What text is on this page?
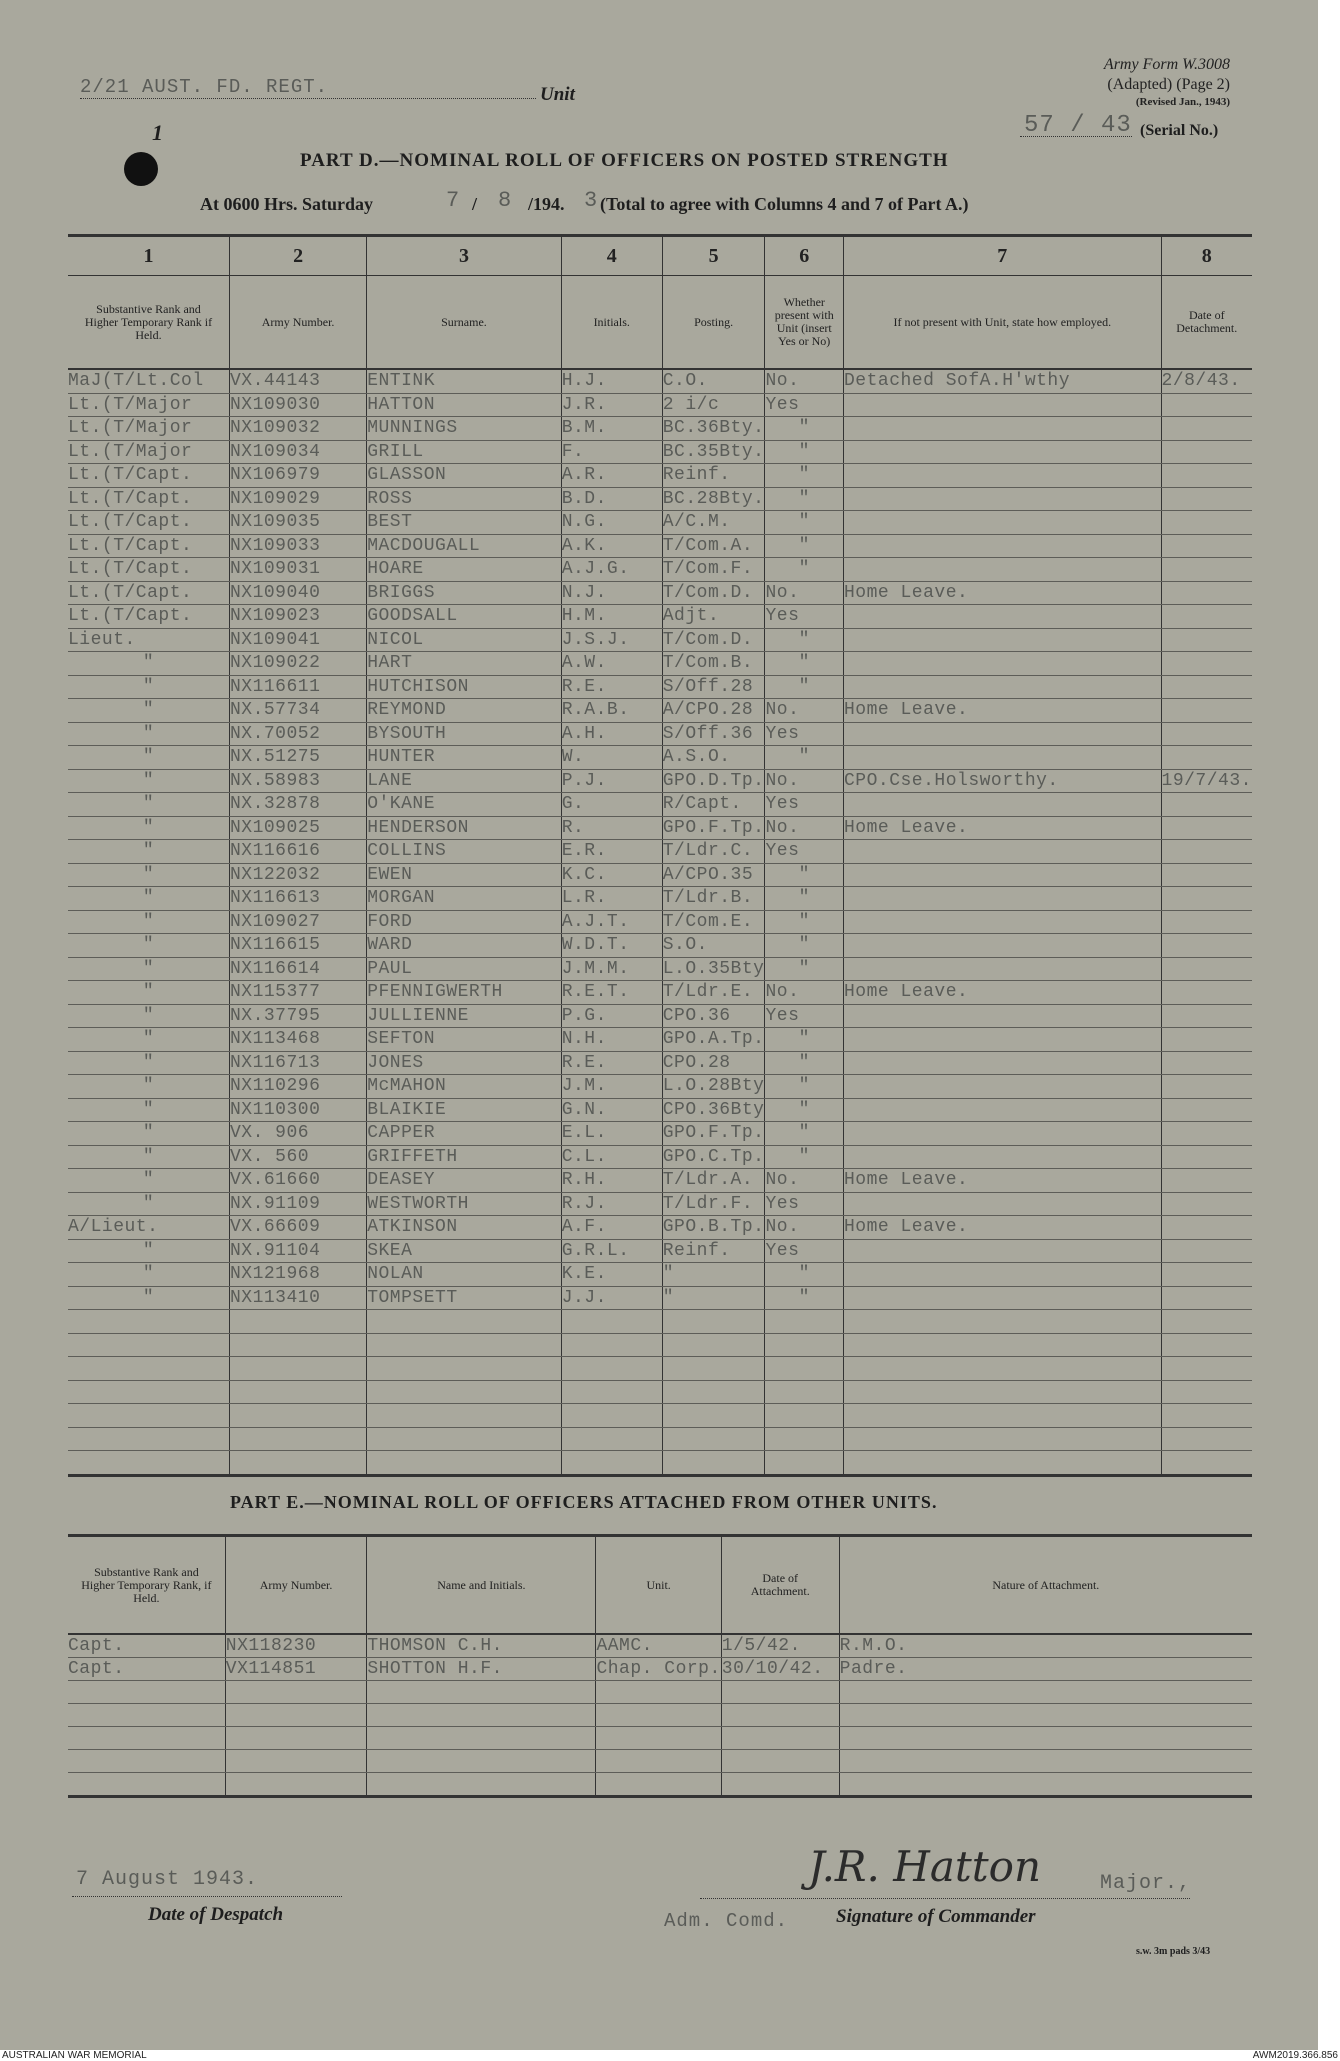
2/21 AUST. FD. REGT.	Unit
Army Form W.3008
(Adapted) (Page 2)
(Revised Jan., 1943)
57 / 43 (Serial No.)
1
PART D.—NOMINAL ROLL OF OFFICERS ON POSTED STRENGTH
At 0600 Hrs. Saturday	7 / 8 /194. 3 (Total to agree with Columns 4 and 7 of Part A.)
1	2	3	4	5	6	7	8
Substantive Rank and Higher Temporary Rank if Held.	Army Number.	Surname.	Initials.	Posting.	Whether present with Unit (insert Yes or No)	If not present with Unit, state how employed.	Date of Detachment.
MaJ(T/Lt.Col	VX.44143	ENTINK	H.J.	C.O.	No.	Detached SofA.H'wthy	2/8/43.
Lt.(T/Major	NX109030	HATTON	J.R.	2 i/c	Yes		
Lt.(T/Major	NX109032	MUNNINGS	B.M.	BC.36Bty.	"		
Lt.(T/Major	NX109034	GRILL	F.	BC.35Bty.	"		
Lt.(T/Capt.	NX106979	GLASSON	A.R.	Reinf.	"		
Lt.(T/Capt.	NX109029	ROSS	B.D.	BC.28Bty.	"		
Lt.(T/Capt.	NX109035	BEST	N.G.	A/C.M.	"		
Lt.(T/Capt.	NX109033	MACDOUGALL	A.K.	T/Com.A.	"		
Lt.(T/Capt.	NX109031	HOARE	A.J.G.	T/Com.F.	"		
Lt.(T/Capt.	NX109040	BRIGGS	N.J.	T/Com.D.	No.	Home Leave.	
Lt.(T/Capt.	NX109023	GOODSALL	H.M.	Adjt.	Yes		
Lieut.	NX109041	NICOL	J.S.J.	T/Com.D.	"		
"	NX109022	HART	A.W.	T/Com.B.	"		
"	NX116611	HUTCHISON	R.E.	S/Off.28	"		
"	NX.57734	REYMOND	R.A.B.	A/CPO.28	No.	Home Leave.	
"	NX.70052	BYSOUTH	A.H.	S/Off.36	Yes		
"	NX.51275	HUNTER	W.	A.S.O.	"		
"	NX.58983	LANE	P.J.	GPO.D.Tp.	No.	CPO.Cse.Holsworthy.	19/7/43.
"	NX.32878	O'KANE	G.	R/Capt.	Yes		
"	NX109025	HENDERSON	R.	GPO.F.Tp.	No.	Home Leave.	
"	NX116616	COLLINS	E.R.	T/Ldr.C.	Yes		
"	NX122032	EWEN	K.C.	A/CPO.35	"		
"	NX116613	MORGAN	L.R.	T/Ldr.B.	"		
"	NX109027	FORD	A.J.T.	T/Com.E.	"		
"	NX116615	WARD	W.D.T.	S.O.	"		
"	NX116614	PAUL	J.M.M.	L.O.35Bty	"		
"	NX115377	PFENNIGWERTH	R.E.T.	T/Ldr.E.	No.	Home Leave.	
"	NX.37795	JULLIENNE	P.G.	CPO.36	Yes		
"	NX113468	SEFTON	N.H.	GPO.A.Tp.	"		
"	NX116713	JONES	R.E.	CPO.28	"		
"	NX110296	McMAHON	J.M.	L.O.28Bty	"		
"	NX110300	BLAIKIE	G.N.	CPO.36Bty	"		
"	VX. 906	CAPPER	E.L.	GPO.F.Tp.	"		
"	VX. 560	GRIFFETH	C.L.	GPO.C.Tp.	"		
"	VX.61660	DEASEY	R.H.	T/Ldr.A.	No.	Home Leave.	
"	NX.91109	WESTWORTH	R.J.	T/Ldr.F.	Yes		
A/Lieut.	VX.66609	ATKINSON	A.F.	GPO.B.Tp.	No.	Home Leave.	
"	NX.91104	SKEA	G.R.L.	Reinf.	Yes		
"	NX121968	NOLAN	K.E.	"	"		
"	NX113410	TOMPSETT	J.J.	"	"		

PART E.—NOMINAL ROLL OF OFFICERS ATTACHED FROM OTHER UNITS.
Substantive Rank and Higher Temporary Rank, if Held.	Army Number.	Name and Initials.	Unit.	Date of Attachment.	Nature of Attachment.
Capt.	NX118230	THOMSON C.H.	AAMC.	1/5/42.	R.M.O.
Capt.	VX114851	SHOTTON H.F.	Chap. Corp.	30/10/42.	Padre.

7 August 1943.
Date of Despatch
J.R. Hatton	Major.,
Adm. Comd.	Signature of Commander
s.w. 3m pads 3/43
AUSTRALIAN WAR MEMORIAL	AWM2019.366.856
